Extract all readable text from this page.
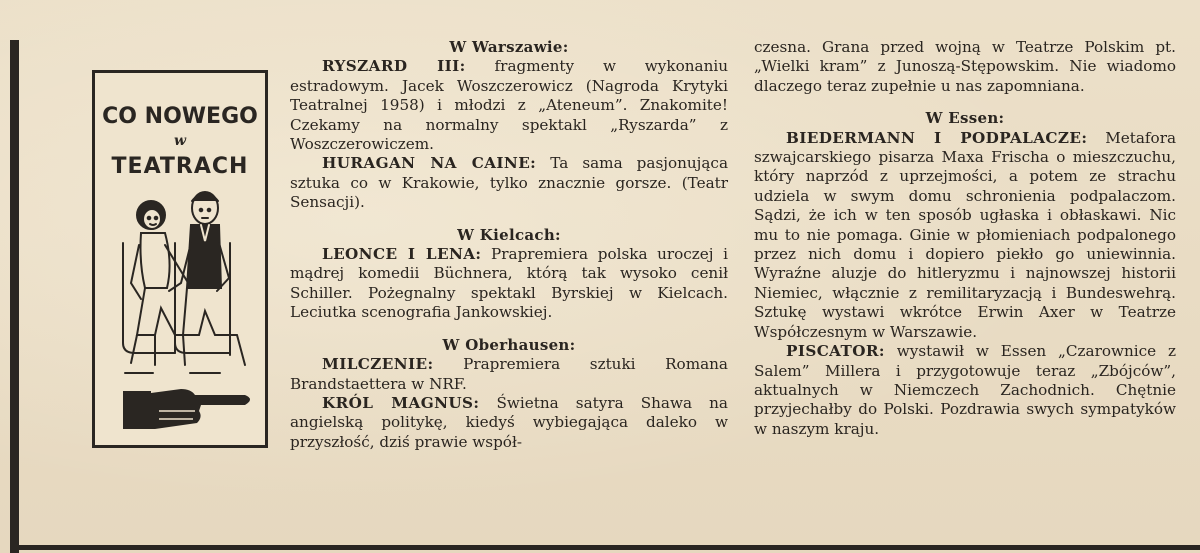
CO NOWEGO
w
TEATRACH

W Warszawie:

RYSZARD III: fragmenty w wykonaniu estradowym. Jacek Woszczerowicz (Nagroda Krytyki Teatralnej 1958) i młodzi z „Ateneum”. Znakomite! Czekamy na normalny spektakl „Ryszarda” z Woszczerowiczem.

HURAGAN NA CAINE: Ta sama pasjonująca sztuka co w Krakowie, tylko znacznie gorsze. (Teatr Sensacji).

W Kielcach:

LEONCE I LENA: Prapremiera polska uroczej i mądrej komedii Büchnera, którą tak wysoko cenił Schiller. Pożegnalny spektakl Byrskiej w Kielcach. Leciutka scenografia Jankowskiej.

W Oberhausen:

MILCZENIE: Prapremiera sztuki Romana Brandstaettera w NRF.

KRÓL MAGNUS: Świetna satyra Shawa na angielską politykę, kiedyś wybiegająca daleko w przyszłość, dziś prawie współ-

czesna. Grana przed wojną w Teatrze Polskim pt. „Wielki kram” z Junoszą-Stępowskim. Nie wiadomo dlaczego teraz zupełnie u nas zapomniana.

W Essen:

BIEDERMANN I PODPALACZE: Metafora szwajcarskiego pisarza Maxa Frischa o mieszczuchu, który naprzód z uprzejmości, a potem ze strachu udziela w swym domu schronienia podpalaczom. Sądzi, że ich w ten sposób ugłaska i obłaskawi. Nic mu to nie pomaga. Ginie w płomieniach podpalonego przez nich domu i dopiero piekło go uniewinnia. Wyraźne aluzje do hitleryzmu i najnowszej historii Niemiec, włącznie z remilitaryzacją i Bundeswehrą. Sztukę wystawi wkrótce Erwin Axer w Teatrze Współczesnym w Warszawie.

PISCATOR: wystawił w Essen „Czarownice z Salem” Millera i przygotowuje teraz „Zbójców”, aktualnych w Niemczech Zachodnich. Chętnie przyjechałby do Polski. Pozdrawia swych sympatyków w naszym kraju.
